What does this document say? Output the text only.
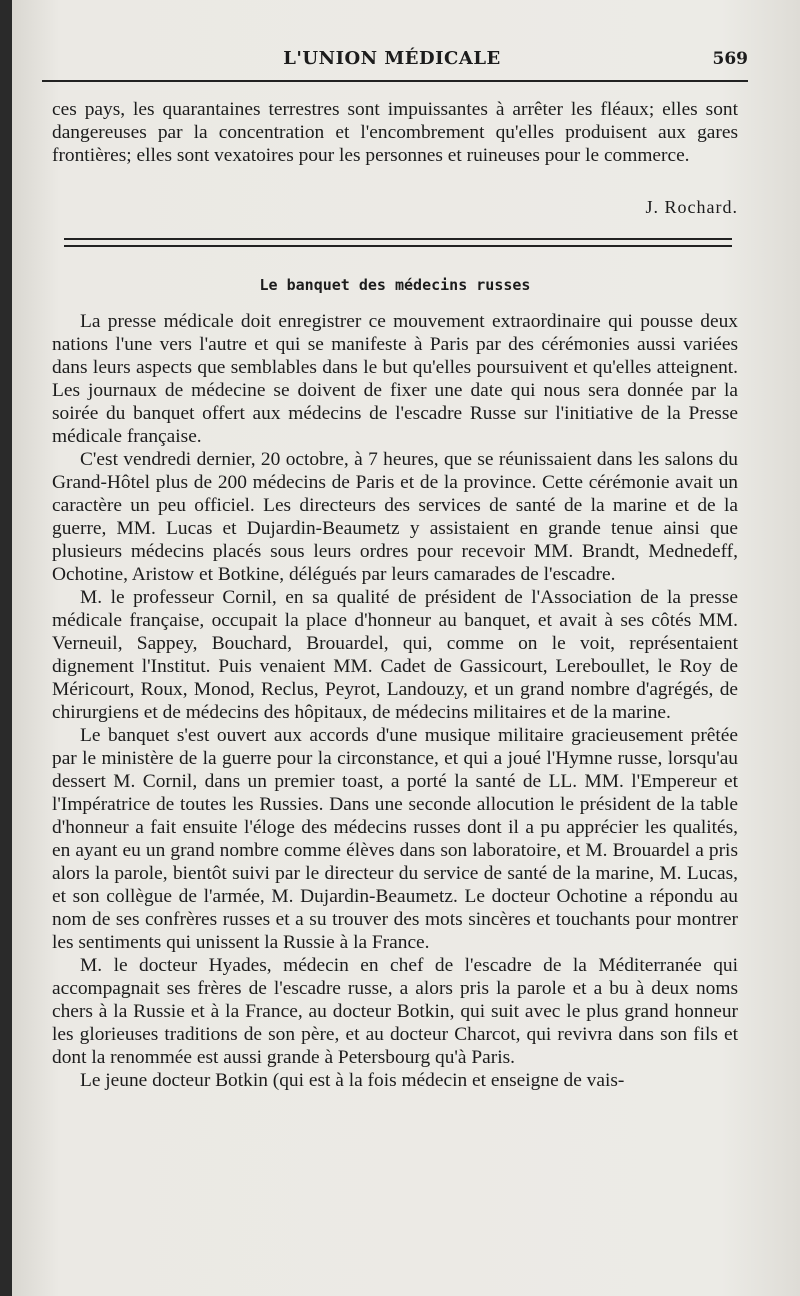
L'UNION MÉDICALE	569

ces pays, les quarantaines terrestres sont impuissantes à arrêter les fléaux; elles sont dangereuses par la concentration et l'encombrement qu'elles produisent aux gares frontières; elles sont vexatoires pour les personnes et ruineuses pour le commerce.

J. Rochard.
Le banquet des médecins russes

La presse médicale doit enregistrer ce mouvement extraordinaire qui pousse deux nations l'une vers l'autre et qui se manifeste à Paris par des cérémonies aussi variées dans leurs aspects que semblables dans le but qu'elles poursuivent et qu'elles atteignent. Les journaux de médecine se doivent de fixer une date qui nous sera donnée par la soirée du banquet offert aux médecins de l'escadre Russe sur l'initiative de la Presse médicale française.

C'est vendredi dernier, 20 octobre, à 7 heures, que se réunissaient dans les salons du Grand-Hôtel plus de 200 médecins de Paris et de la province. Cette cérémonie avait un caractère un peu officiel. Les directeurs des services de santé de la marine et de la guerre, MM. Lucas et Dujardin-Beaumetz y assistaient en grande tenue ainsi que plusieurs médecins placés sous leurs ordres pour recevoir MM. Brandt, Mednedeff, Ochotine, Aristow et Botkine, délégués par leurs camarades de l'escadre.

M. le professeur Cornil, en sa qualité de président de l'Association de la presse médicale française, occupait la place d'honneur au banquet, et avait à ses côtés MM. Verneuil, Sappey, Bouchard, Brouardel, qui, comme on le voit, représentaient dignement l'Institut. Puis venaient MM. Cadet de Gassicourt, Lereboullet, le Roy de Méricourt, Roux, Monod, Reclus, Peyrot, Landouzy, et un grand nombre d'agrégés, de chirurgiens et de médecins des hôpitaux, de médecins militaires et de la marine.

Le banquet s'est ouvert aux accords d'une musique militaire gracieusement prêtée par le ministère de la guerre pour la circonstance, et qui a joué l'Hymne russe, lorsqu'au dessert M. Cornil, dans un premier toast, a porté la santé de LL. MM. l'Empereur et l'Impératrice de toutes les Russies. Dans une seconde allocution le président de la table d'honneur a fait ensuite l'éloge des médecins russes dont il a pu apprécier les qualités, en ayant eu un grand nombre comme élèves dans son laboratoire, et M. Brouardel a pris alors la parole, bientôt suivi par le directeur du service de santé de la marine, M. Lucas, et son collègue de l'armée, M. Dujardin-Beaumetz. Le docteur Ochotine a répondu au nom de ses confrères russes et a su trouver des mots sincères et touchants pour montrer les sentiments qui unissent la Russie à la France.

M. le docteur Hyades, médecin en chef de l'escadre de la Méditerranée qui accompagnait ses frères de l'escadre russe, a alors pris la parole et a bu à deux noms chers à la Russie et à la France, au docteur Botkin, qui suit avec le plus grand honneur les glorieuses traditions de son père, et au docteur Charcot, qui revivra dans son fils et dont la renommée est aussi grande à Petersbourg qu'à Paris.

Le jeune docteur Botkin (qui est à la fois médecin et enseigne de vais-
